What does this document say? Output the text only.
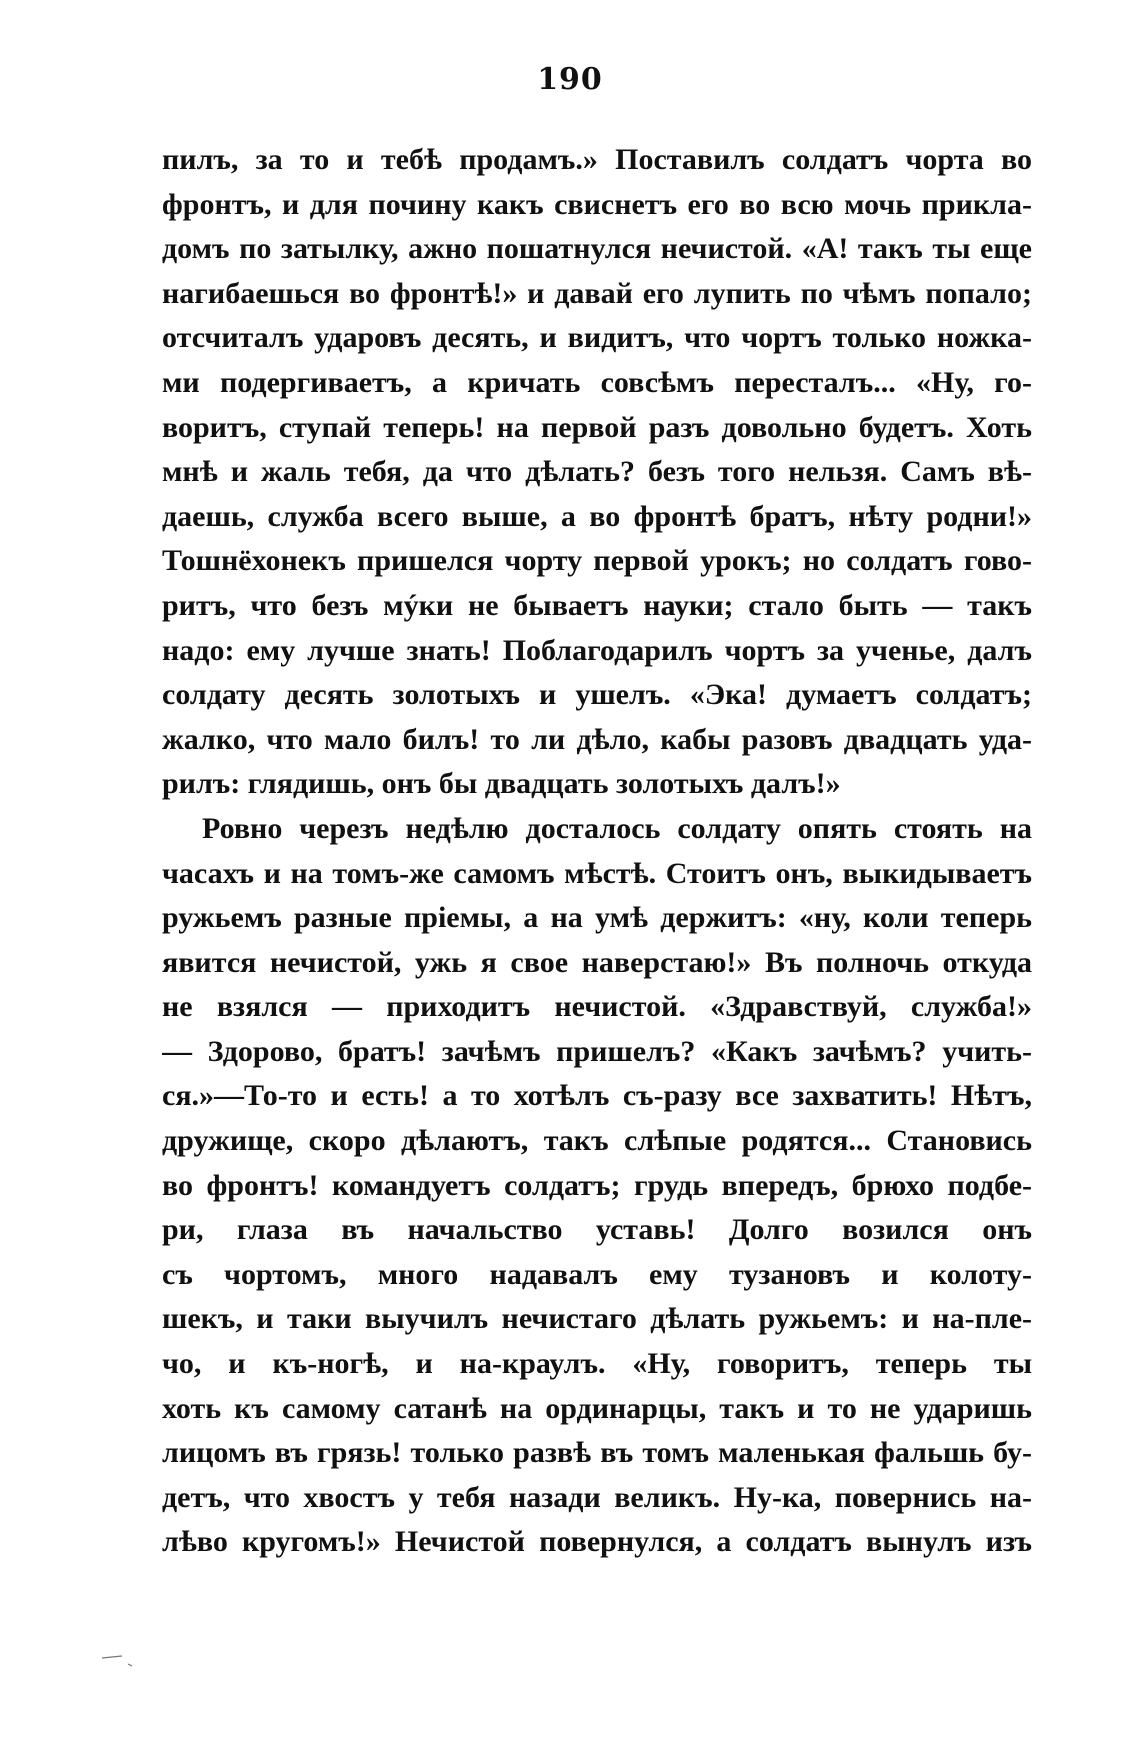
190
пилъ, за то и тебѣ продамъ.» Поставилъ солдатъ чорта во
фронтъ, и для почину какъ свиснетъ его во всю мочь прикла-
домъ по затылку, ажно пошатнулся нечистой. «А! такъ ты еще
нагибаешься во фронтѣ!» и давай его лупить по чѣмъ попало;
отсчиталъ ударовъ десять, и видитъ, что чортъ только ножка-
ми подергиваетъ, а кричать совсѣмъ пересталъ... «Ну, го-
воритъ, ступай теперь! на первой разъ довольно будетъ. Хоть
мнѣ и жаль тебя, да что дѣлать? безъ того нельзя. Самъ вѣ-
даешь, служба всего выше, а во фронтѣ братъ, нѣту родни!»
Тошнёхонекъ пришелся чорту первой урокъ; но солдатъ гово-
ритъ, что безъ мýки не бываетъ науки; стало быть — такъ
надо: ему лучше знать! Поблагодарилъ чортъ за ученье, далъ
солдату десять золотыхъ и ушелъ. «Эка! думаетъ солдатъ;
жалко, что мало билъ! то ли дѣло, кабы разовъ двадцать уда-
рилъ: глядишь, онъ бы двадцать золотыхъ далъ!»
Ровно черезъ недѣлю досталось солдату опять стоять на
часахъ и на томъ-же самомъ мѣстѣ. Стоитъ онъ, выкидываетъ
ружьемъ разные пріемы, а на умѣ держитъ: «ну, коли теперь
явится нечистой, ужь я свое наверстаю!» Въ полночь откуда
не взялся — приходитъ нечистой. «Здравствуй, служба!»
— Здорово, братъ! зачѣмъ пришелъ? «Какъ зачѣмъ? учить-
ся.»—То-то и есть! а то хотѣлъ съ-разу все захватить! Нѣтъ,
дружище, скоро дѣлаютъ, такъ слѣпые родятся... Становись
во фронтъ! командуетъ солдатъ; грудь впередъ, брюхо подбе-
ри, глаза въ начальство уставь! Долго возился онъ
съ чортомъ, много надавалъ ему тузановъ и колоту-
шекъ, и таки выучилъ нечистаго дѣлать ружьемъ: и на-пле-
чо, и къ-ногѣ, и на-краулъ. «Ну, говоритъ, теперь ты
хоть къ самому сатанѣ на ординарцы, такъ и то не ударишь
лицомъ въ грязь! только развѣ въ томъ маленькая фальшь бу-
детъ, что хвостъ у тебя назади великъ. Ну-ка, повернись на-
лѣво кругомъ!» Нечистой повернулся, а солдатъ вынулъ изъ
